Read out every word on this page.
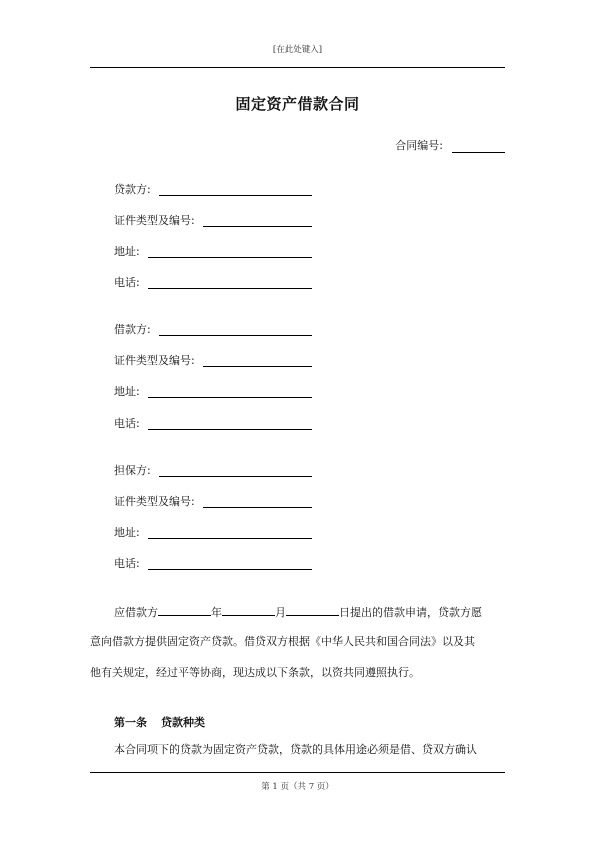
[在此处键入]
固定资产借款合同
合同编号:
贷款方:
证件类型及编号:
地址:
电话:
借款方:
证件类型及编号:
地址:
电话:
担保方:
证件类型及编号:
地址:
电话:
应借款方	年	月	日提出的借款申请，贷款方愿
意向借款方提供固定资产贷款。借贷双方根据《中华人民共和国合同法》以及其
他有关规定，经过平等协商，现达成以下条款，以资共同遵照执行。
第一条 贷款种类
本合同项下的贷款为固定资产贷款，贷款的具体用途必须是借、贷双方确认
第 1 页（共 7 页）
